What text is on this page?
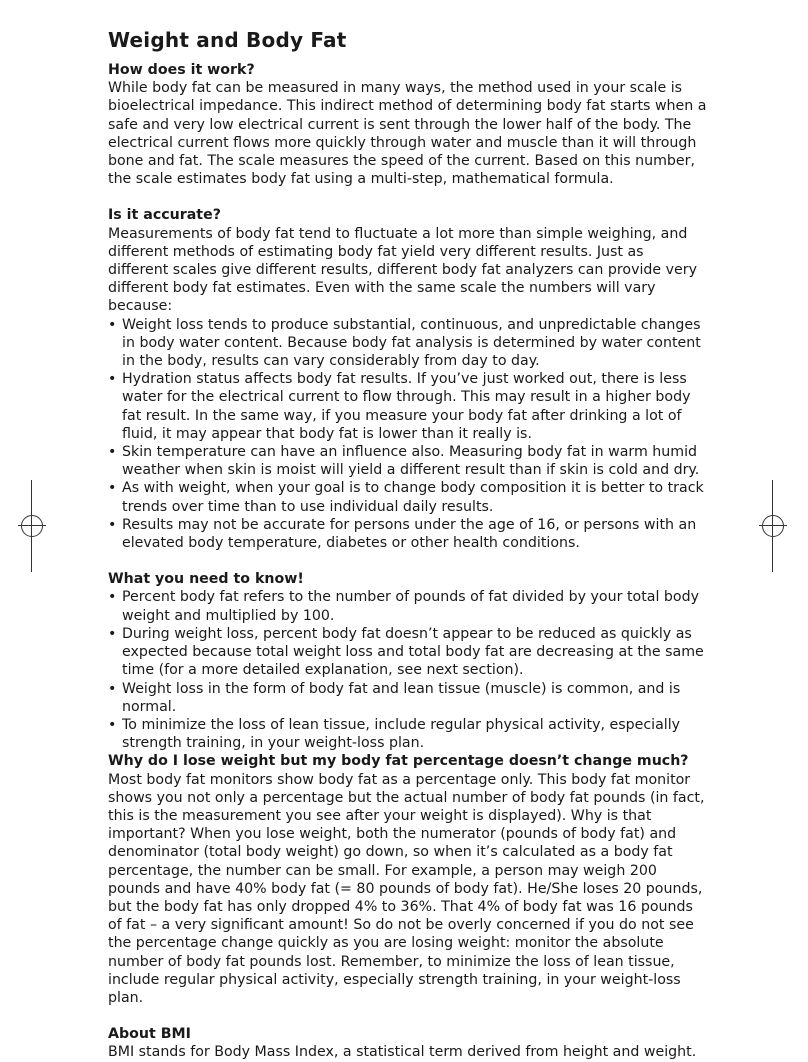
Weight and Body Fat

How does it work?

While body fat can be measured in many ways, the method used in your scale is bioelectrical impedance. This indirect method of determining body fat starts when a safe and very low electrical current is sent through the lower half of the body. The electrical current flows more quickly through water and muscle than it will through bone and fat. The scale measures the speed of the current. Based on this number, the scale estimates body fat using a multi-step, mathematical formula.

Is it accurate?

Measurements of body fat tend to fluctuate a lot more than simple weighing, and different methods of estimating body fat yield very different results. Just as different scales give different results, different body fat analyzers can provide very different body fat estimates. Even with the same scale the numbers will vary because:

• Weight loss tends to produce substantial, continuous, and unpredictable changes in body water content. Because body fat analysis is determined by water content in the body, results can vary considerably from day to day.
• Hydration status affects body fat results. If you’ve just worked out, there is less water for the electrical current to flow through. This may result in a higher body fat result. In the same way, if you measure your body fat after drinking a lot of fluid, it may appear that body fat is lower than it really is.
• Skin temperature can have an influence also. Measuring body fat in warm humid weather when skin is moist will yield a different result than if skin is cold and dry.
• As with weight, when your goal is to change body composition it is better to track trends over time than to use individual daily results.
• Results may not be accurate for persons under the age of 16, or persons with an elevated body temperature, diabetes or other health conditions.

What you need to know!

• Percent body fat refers to the number of pounds of fat divided by your total body weight and multiplied by 100.
• During weight loss, percent body fat doesn’t appear to be reduced as quickly as expected because total weight loss and total body fat are decreasing at the same time (for a more detailed explanation, see next section).
• Weight loss in the form of body fat and lean tissue (muscle) is common, and is normal.
• To minimize the loss of lean tissue, include regular physical activity, especially strength training, in your weight-loss plan.

Why do I lose weight but my body fat percentage doesn’t change much?

Most body fat monitors show body fat as a percentage only. This body fat monitor shows you not only a percentage but the actual number of body fat pounds (in fact, this is the measurement you see after your weight is displayed). Why is that important? When you lose weight, both the numerator (pounds of body fat) and denominator (total body weight) go down, so when it’s calculated as a body fat percentage, the number can be small. For example, a person may weigh 200 pounds and have 40% body fat (= 80 pounds of body fat). He/She loses 20 pounds, but the body fat has only dropped 4% to 36%. That 4% of body fat was 16 pounds of fat – a very significant amount! So do not be overly concerned if you do not see the percentage change quickly as you are losing weight: monitor the absolute number of body fat pounds lost. Remember, to minimize the loss of lean tissue, include regular physical activity, especially strength training, in your weight-loss plan.

About BMI

BMI stands for Body Mass Index, a statistical term derived from height and weight.
